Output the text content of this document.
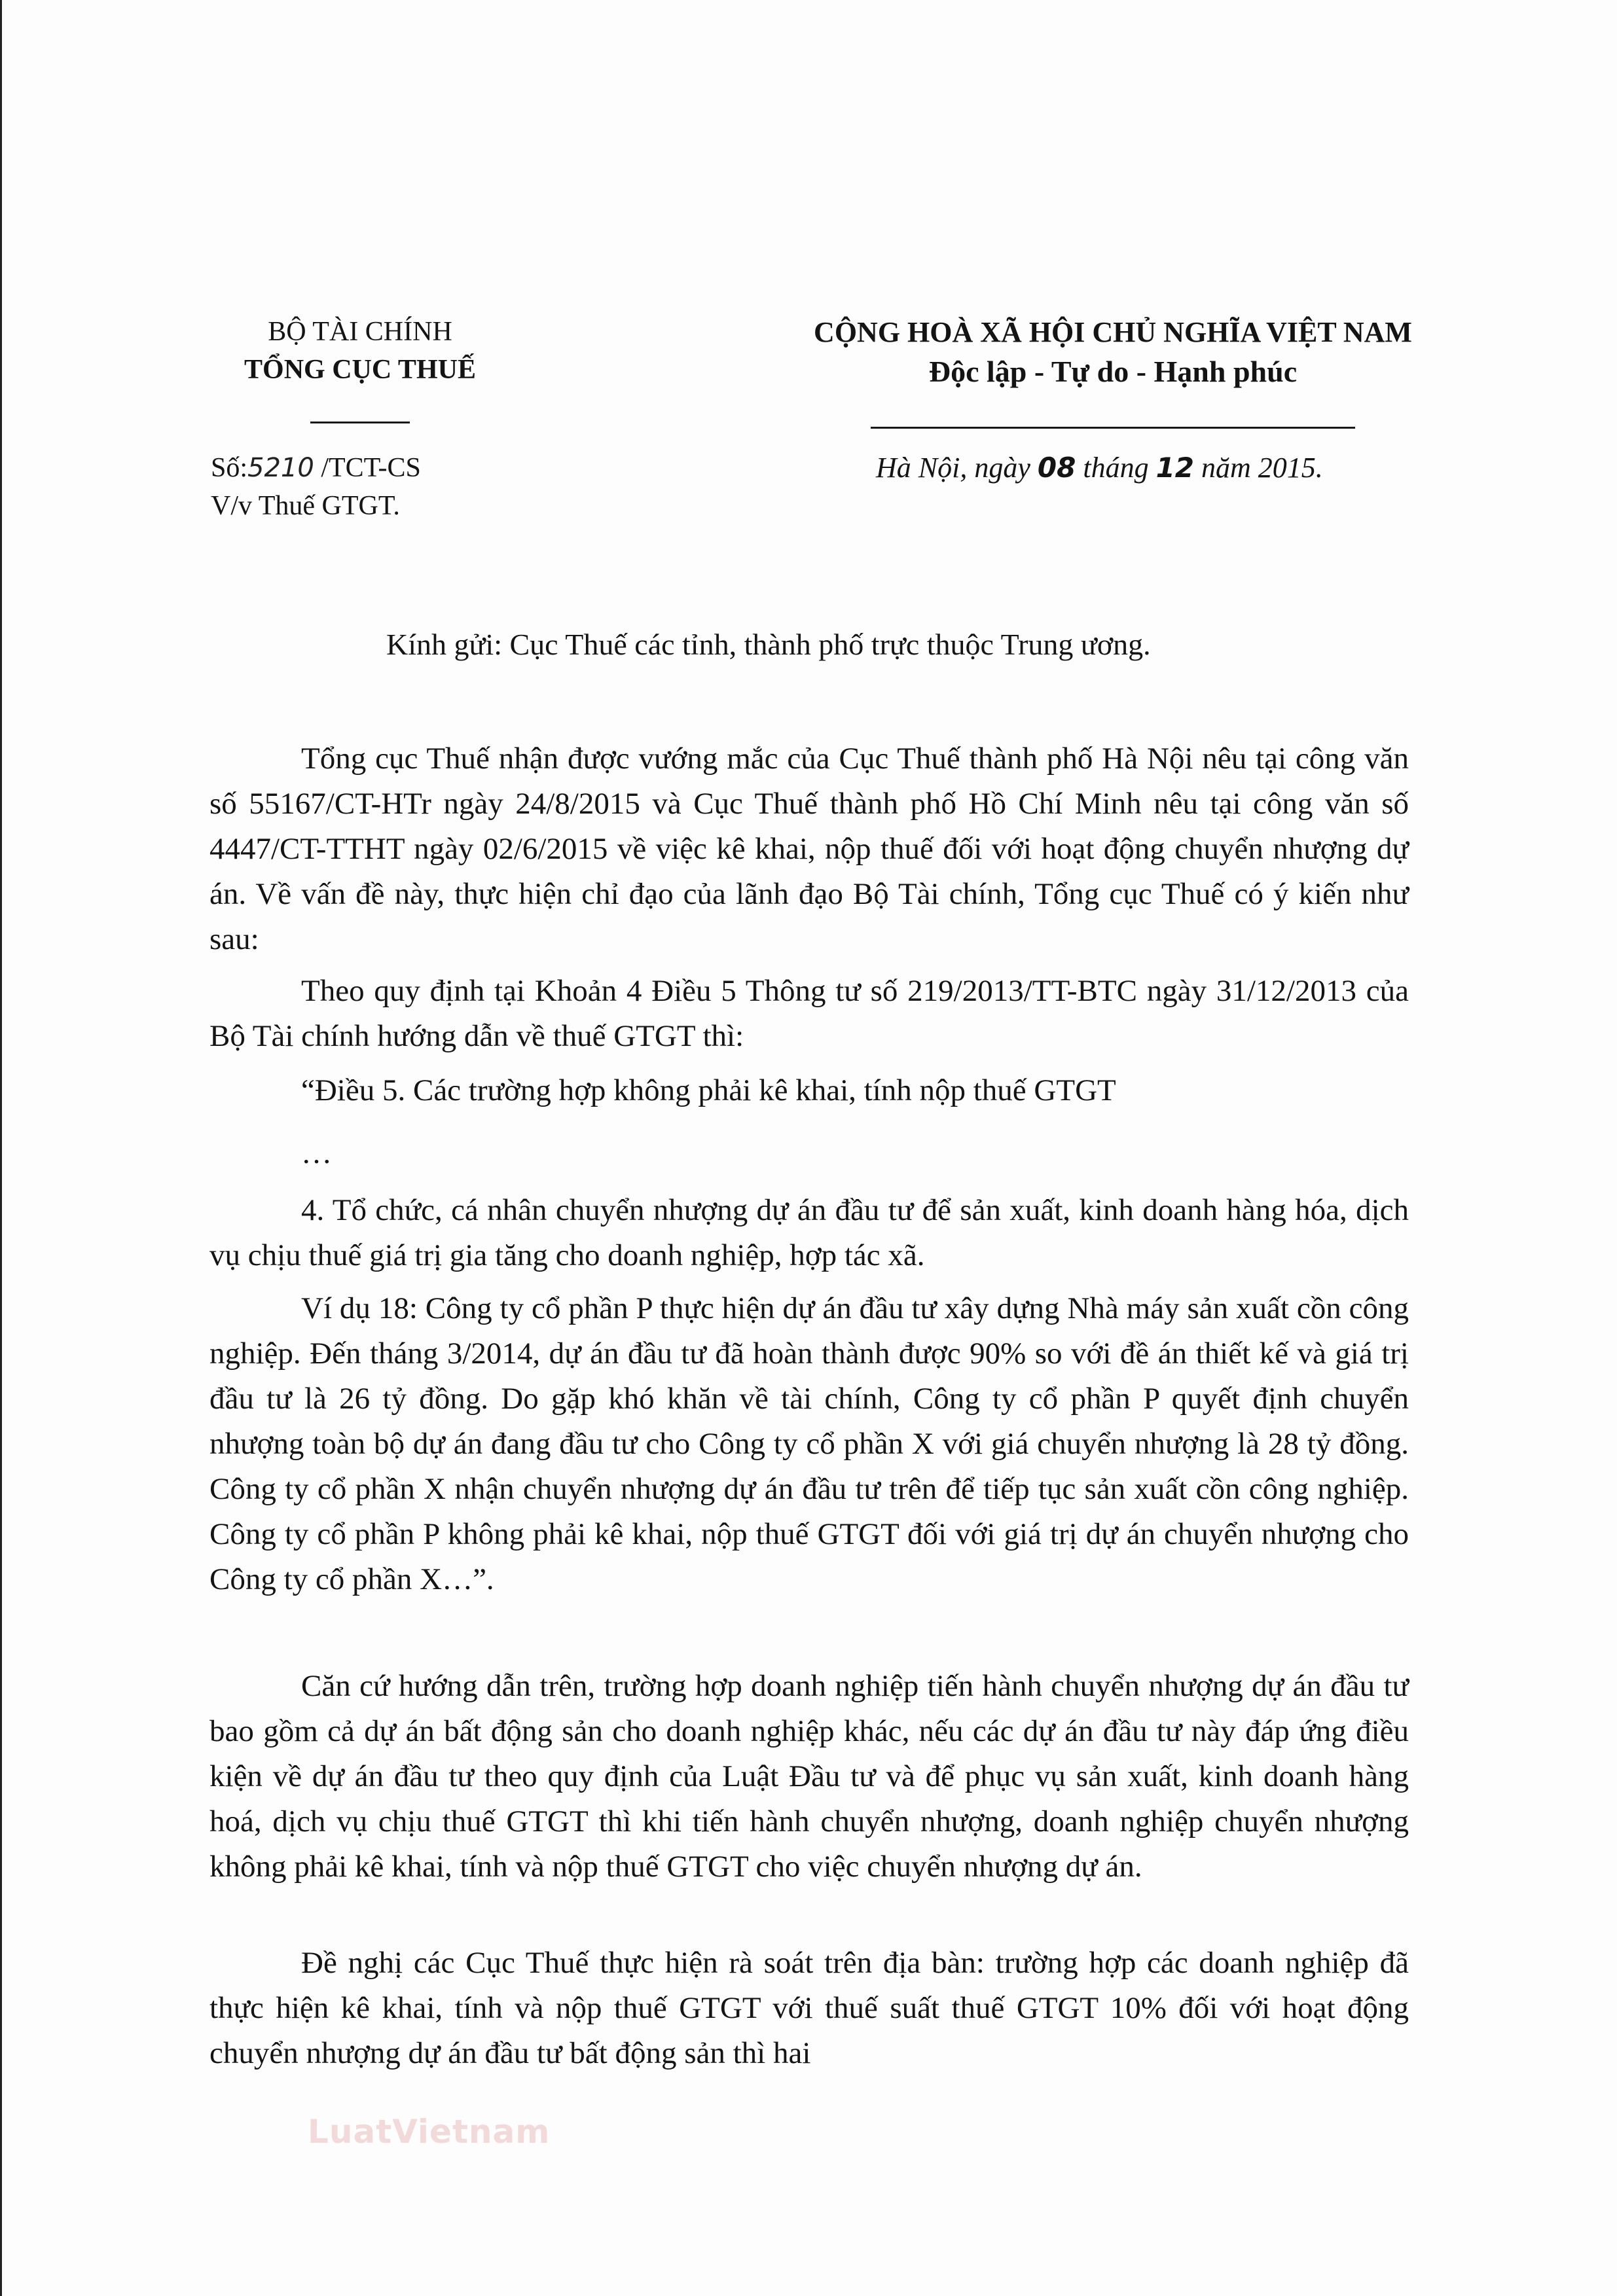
BỘ TÀI CHÍNH
TỔNG CỤC THUẾ
CỘNG HOÀ XÃ HỘI CHỦ NGHĨA VIỆT NAM
Độc lập - Tự do - Hạnh phúc
Số:5210 /TCT-CS
V/v Thuế GTGT.
Hà Nội, ngày 08 tháng 12 năm 2015.
Kính gửi: Cục Thuế các tỉnh, thành phố trực thuộc Trung ương.

Tổng cục Thuế nhận được vướng mắc của Cục Thuế thành phố Hà Nội nêu tại công văn số 55167/CT-HTr ngày 24/8/2015 và Cục Thuế thành phố Hồ Chí Minh nêu tại công văn số 4447/CT-TTHT ngày 02/6/2015 về việc kê khai, nộp thuế đối với hoạt động chuyển nhượng dự án. Về vấn đề này, thực hiện chỉ đạo của lãnh đạo Bộ Tài chính, Tổng cục Thuế có ý kiến như sau:

Theo quy định tại Khoản 4 Điều 5 Thông tư số 219/2013/TT-BTC ngày 31/12/2013 của Bộ Tài chính hướng dẫn về thuế GTGT thì:

“Điều 5. Các trường hợp không phải kê khai, tính nộp thuế GTGT

…

4. Tổ chức, cá nhân chuyển nhượng dự án đầu tư để sản xuất, kinh doanh hàng hóa, dịch vụ chịu thuế giá trị gia tăng cho doanh nghiệp, hợp tác xã.

Ví dụ 18: Công ty cổ phần P thực hiện dự án đầu tư xây dựng Nhà máy sản xuất cồn công nghiệp. Đến tháng 3/2014, dự án đầu tư đã hoàn thành được 90% so với đề án thiết kế và giá trị đầu tư là 26 tỷ đồng. Do gặp khó khăn về tài chính, Công ty cổ phần P quyết định chuyển nhượng toàn bộ dự án đang đầu tư cho Công ty cổ phần X với giá chuyển nhượng là 28 tỷ đồng. Công ty cổ phần X nhận chuyển nhượng dự án đầu tư trên để tiếp tục sản xuất cồn công nghiệp. Công ty cổ phần P không phải kê khai, nộp thuế GTGT đối với giá trị dự án chuyển nhượng cho Công ty cổ phần X…”.

Căn cứ hướng dẫn trên, trường hợp doanh nghiệp tiến hành chuyển nhượng dự án đầu tư bao gồm cả dự án bất động sản cho doanh nghiệp khác, nếu các dự án đầu tư này đáp ứng điều kiện về dự án đầu tư theo quy định của Luật Đầu tư và để phục vụ sản xuất, kinh doanh hàng hoá, dịch vụ chịu thuế GTGT thì khi tiến hành chuyển nhượng, doanh nghiệp chuyển nhượng không phải kê khai, tính và nộp thuế GTGT cho việc chuyển nhượng dự án.

Đề nghị các Cục Thuế thực hiện rà soát trên địa bàn: trường hợp các doanh nghiệp đã thực hiện kê khai, tính và nộp thuế GTGT với thuế suất thuế GTGT 10% đối với hoạt động chuyển nhượng dự án đầu tư bất động sản thì hai

LuatVietnam
